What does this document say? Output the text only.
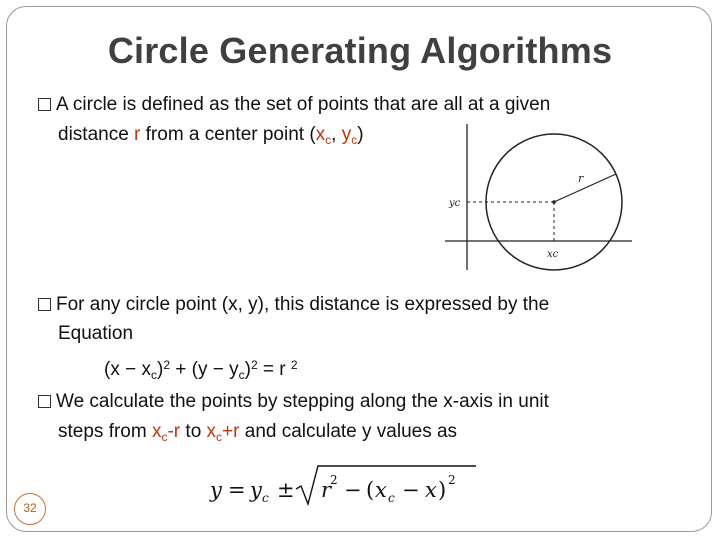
Circle Generating Algorithms
A circle is defined as the set of points that are all at a given
distance r from a center point ($x_c$, $y_c$)
r
yc
xc
For any circle point (x, y), this distance is expressed by the
Equation
$(x - x_c)^2 + (y - y_c)^2 = r$ $^2$
We calculate the points by stepping along the x-axis in unit
steps from $x_c-r$ to $x_c+r$ and calculate y values as
y = y c ± r
2 − ( x c − x ) 2
32
